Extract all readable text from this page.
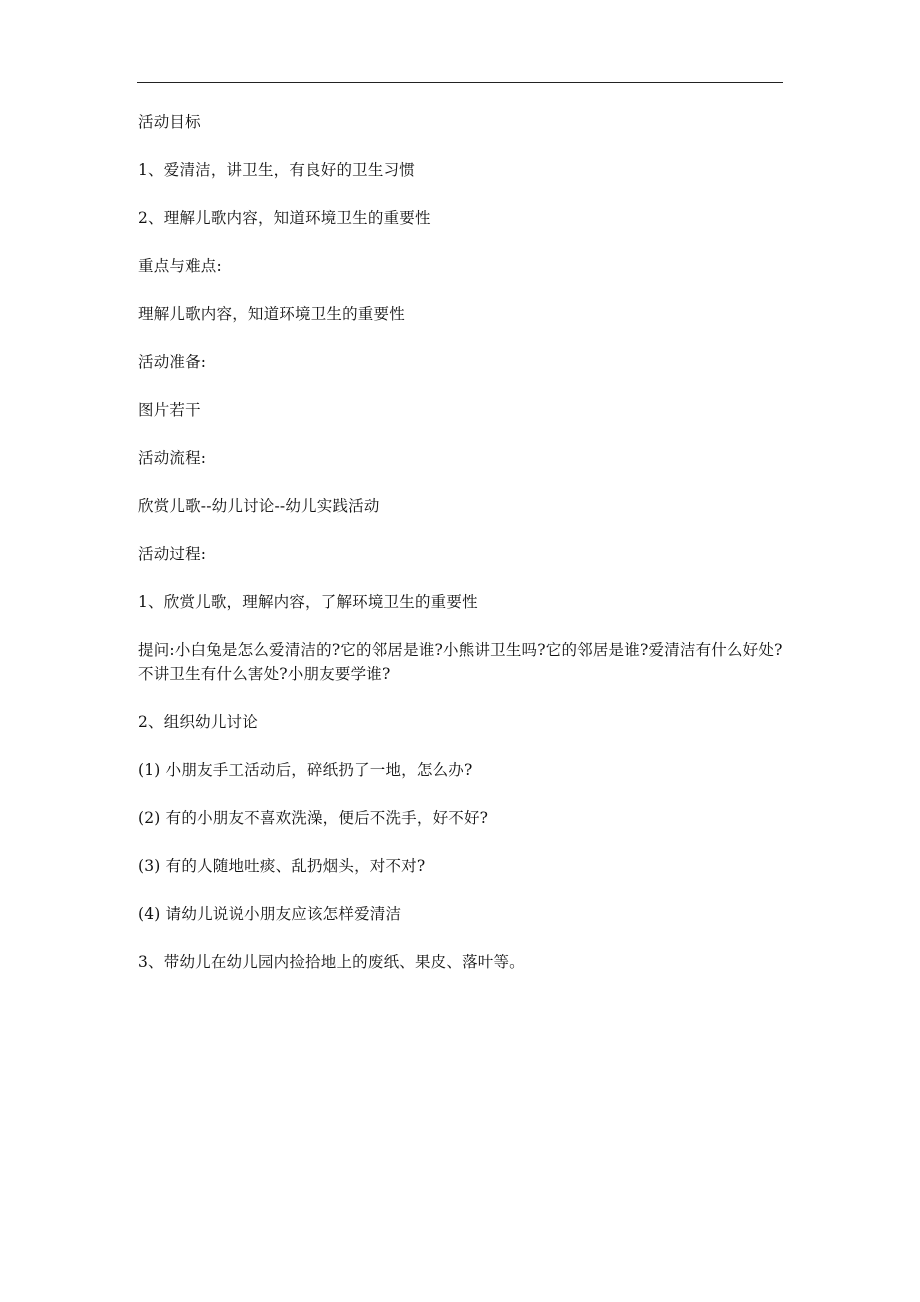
活动目标

1、爱清洁，讲卫生，有良好的卫生习惯

2、理解儿歌内容，知道环境卫生的重要性

重点与难点:

理解儿歌内容，知道环境卫生的重要性

活动准备:

图片若干

活动流程:

欣赏儿歌--幼儿讨论--幼儿实践活动

活动过程:

1、欣赏儿歌，理解内容，了解环境卫生的重要性

提问:小白兔是怎么爱清洁的?它的邻居是谁?小熊讲卫生吗?它的邻居是谁?爱清洁有什么好处?不讲卫生有什么害处?小朋友要学谁?

2、组织幼儿讨论

(1) 小朋友手工活动后，碎纸扔了一地，怎么办?

(2) 有的小朋友不喜欢洗澡，便后不洗手，好不好?

(3) 有的人随地吐痰、乱扔烟头，对不对?

(4) 请幼儿说说小朋友应该怎样爱清洁

3、带幼儿在幼儿园内捡拾地上的废纸、果皮、落叶等。
